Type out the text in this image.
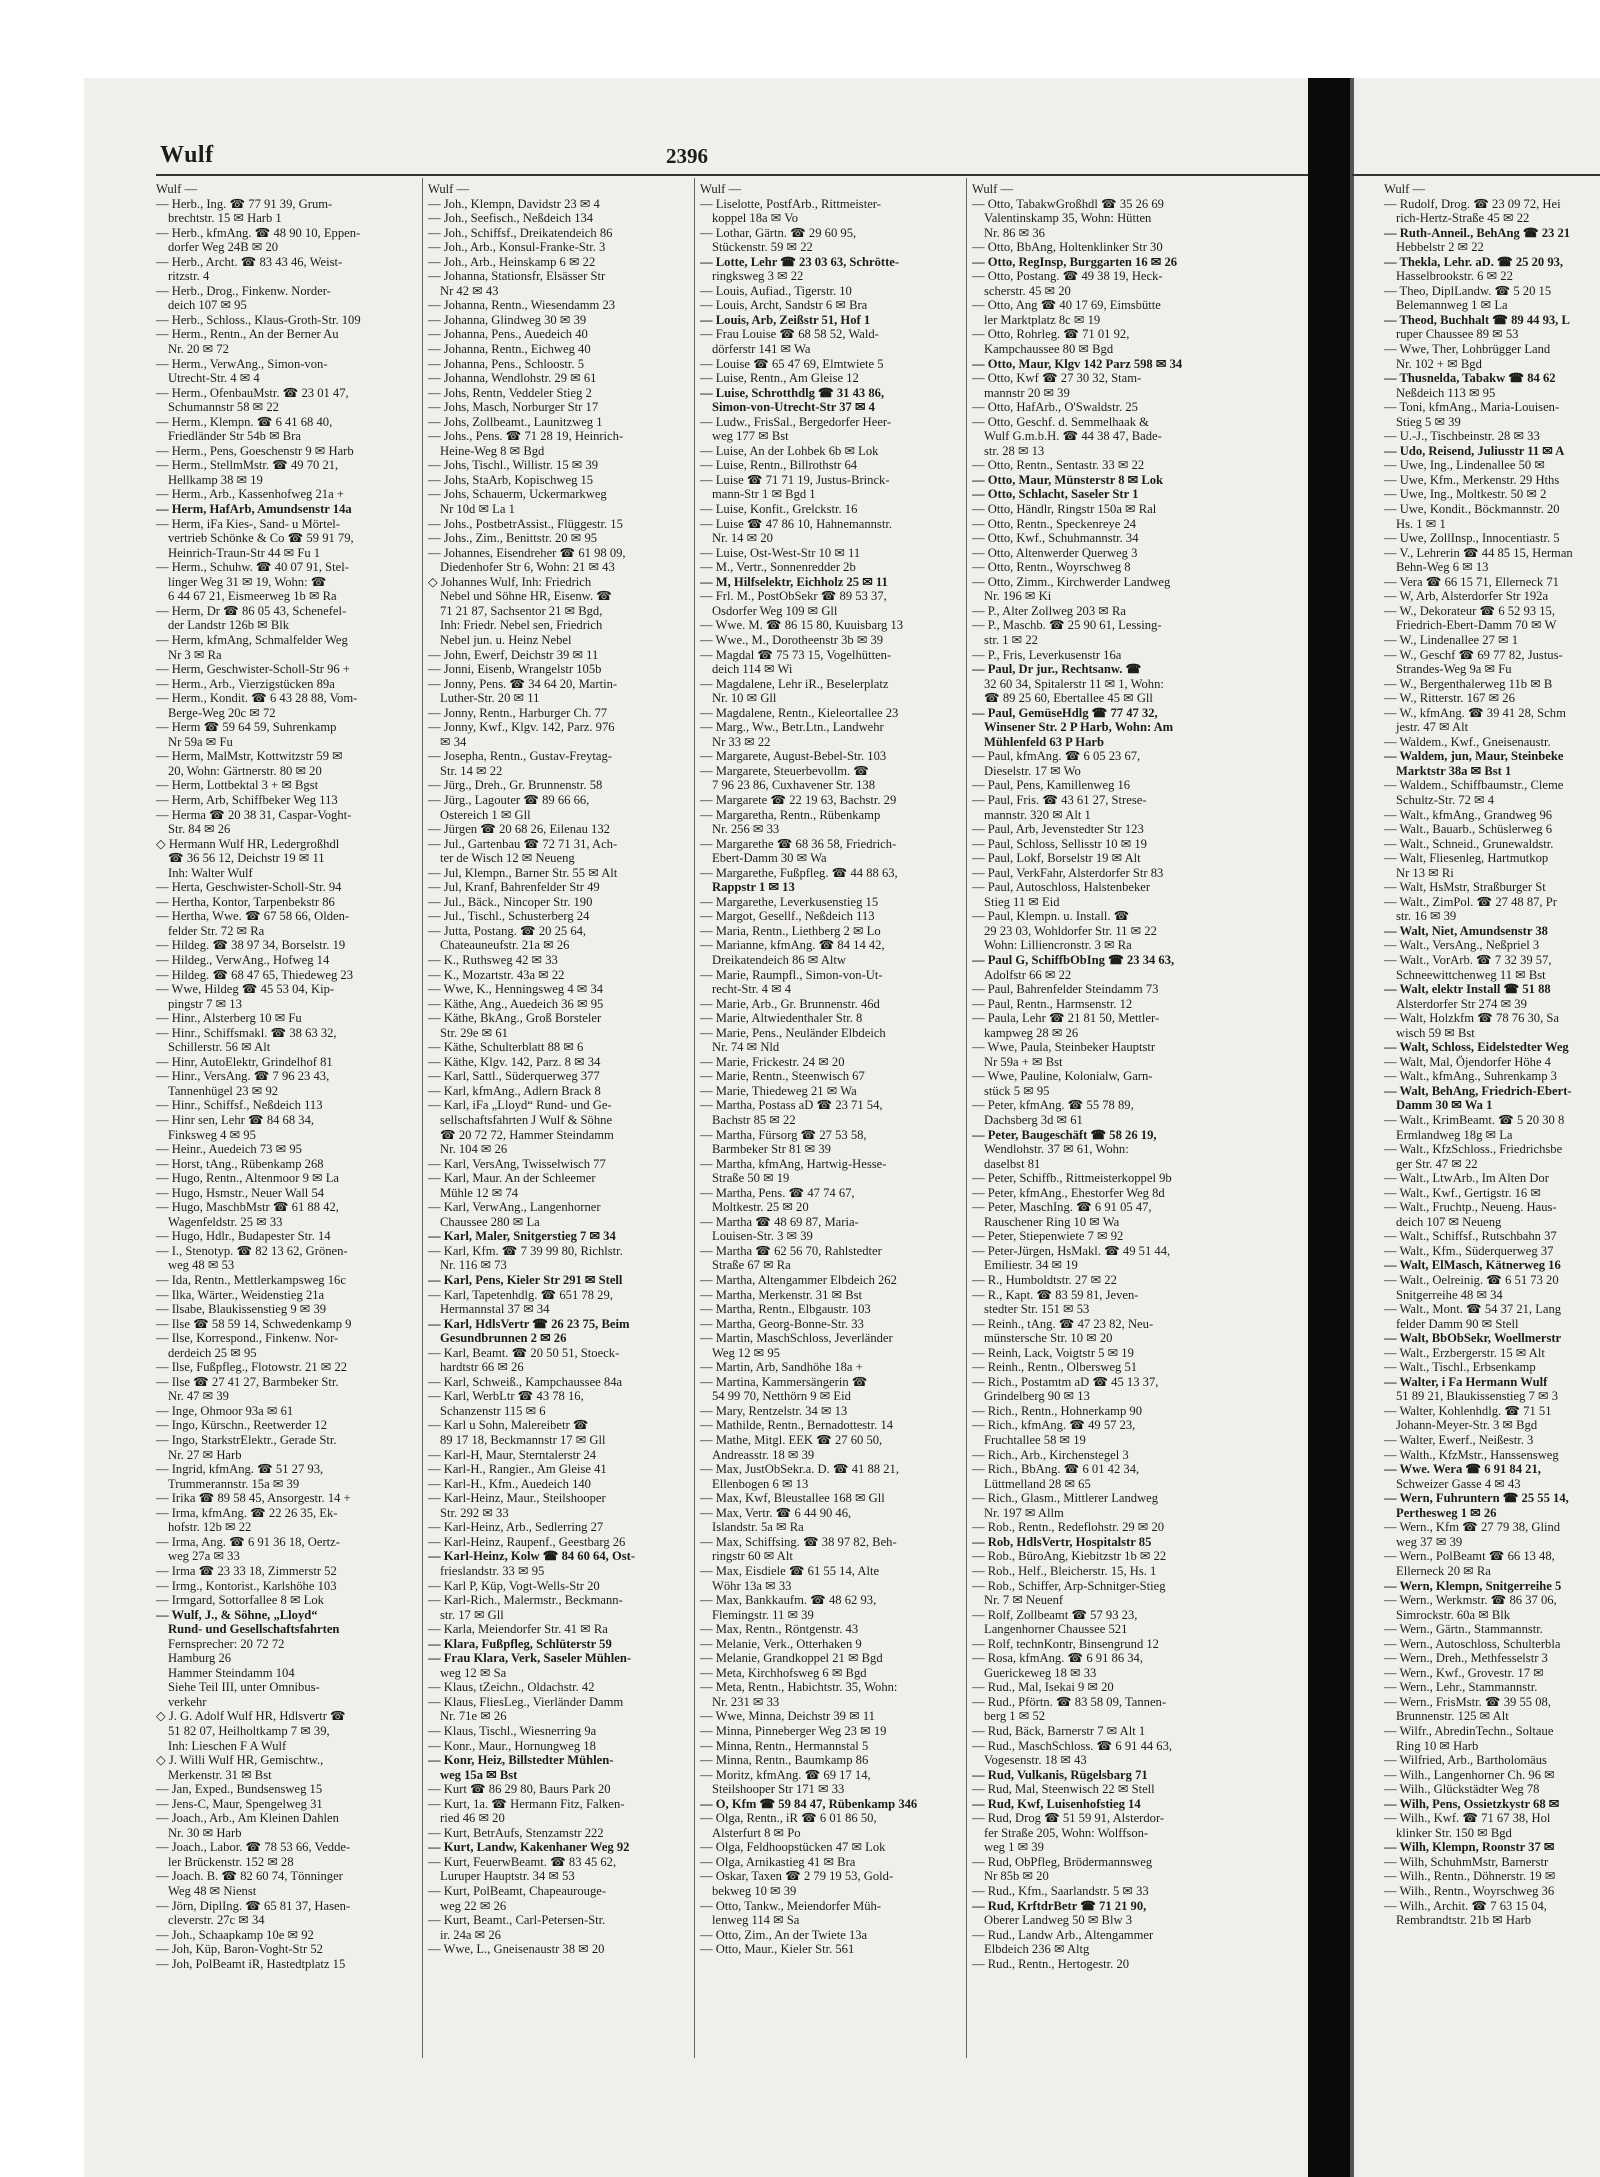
Wulf	2396
Wulf —
— Herb., Ing. ☎ 77 91 39, Grum-
brechtstr. 15 ✉ Harb 1
— Herb., kfmAng. ☎ 48 90 10, Eppen-
dorfer Weg 24B ✉ 20
— Herb., Archt. ☎ 83 43 46, Weist-
ritzstr. 4
— Herb., Drog., Finkenw. Norder-
deich 107 ✉ 95
— Herb., Schloss., Klaus-Groth-Str. 109
— Herm., Rentn., An der Berner Au
Nr. 20 ✉ 72
— Herm., VerwAng., Simon-von-
Utrecht-Str. 4 ✉ 4
— Herm., OfenbauMstr. ☎ 23 01 47,
Schumannstr 58 ✉ 22
— Herm., Klempn. ☎ 6 41 68 40,
Friedländer Str 54b ✉ Bra
— Herm., Pens, Goeschenstr 9 ✉ Harb
— Herm., StellmMstr. ☎ 49 70 21,
Hellkamp 38 ✉ 19
— Herm., Arb., Kassenhofweg 21a +
— Herm, HafArb, Amundsenstr 14a
— Herm, iFa Kies-, Sand- u Mörtel-
vertrieb Schönke & Co ☎ 59 91 79,
Heinrich-Traun-Str 44 ✉ Fu 1
— Herm., Schuhw. ☎ 40 07 91, Stel-
linger Weg 31 ✉ 19, Wohn: ☎
6 44 67 21, Eismeerweg 1b ✉ Ra
— Herm, Dr ☎ 86 05 43, Schenefel-
der Landstr 126b ✉ Blk
— Herm, kfmAng, Schmalfelder Weg
Nr 3 ✉ Ra
— Herm, Geschwister-Scholl-Str 96 +
— Herm., Arb., Vierzigstücken 89a
— Herm., Kondit. ☎ 6 43 28 88, Vom-
Berge-Weg 20c ✉ 72
— Herm ☎ 59 64 59, Suhrenkamp
Nr 59a ✉ Fu
— Herm, MalMstr, Kottwitzstr 59 ✉
20, Wohn: Gärtnerstr. 80 ✉ 20
— Herm, Lottbektal 3 + ✉ Bgst
— Herm, Arb, Schiffbeker Weg 113
— Herma ☎ 20 38 31, Caspar-Voght-
Str. 84 ✉ 26
◇ Hermann Wulf HR, Ledergroßhdl
☎ 36 56 12, Deichstr 19 ✉ 11
Inh: Walter Wulf
— Herta, Geschwister-Scholl-Str. 94
— Hertha, Kontor, Tarpenbekstr 86
— Hertha, Wwe. ☎ 67 58 66, Olden-
felder Str. 72 ✉ Ra
— Hildeg. ☎ 38 97 34, Borselstr. 19
— Hildeg., VerwAng., Hofweg 14
— Hildeg. ☎ 68 47 65, Thiedeweg 23
— Wwe, Hildeg ☎ 45 53 04, Kip-
pingstr 7 ✉ 13
— Hinr., Alsterberg 10 ✉ Fu
— Hinr., Schiffsmakl. ☎ 38 63 32,
Schillerstr. 56 ✉ Alt
— Hinr, AutoElektr, Grindelhof 81
— Hinr., VersAng. ☎ 7 96 23 43,
Tannenhügel 23 ✉ 92
— Hinr., Schiffsf., Neßdeich 113
— Hinr sen, Lehr ☎ 84 68 34,
Finksweg 4 ✉ 95
— Heinr., Auedeich 73 ✉ 95
— Horst, tAng., Rübenkamp 268
— Hugo, Rentn., Altenmoor 9 ✉ La
— Hugo, Hsmstr., Neuer Wall 54
— Hugo, MaschbMstr ☎ 61 88 42,
Wagenfeldstr. 25 ✉ 33
— Hugo, Hdlr., Budapester Str. 14
— I., Stenotyp. ☎ 82 13 62, Grönen-
weg 48 ✉ 53
— Ida, Rentn., Mettlerkampsweg 16c
— Ilka, Wärter., Weidenstieg 21a
— Ilsabe, Blaukissenstieg 9 ✉ 39
— Ilse ☎ 58 59 14, Schwedenkamp 9
— Ilse, Korrespond., Finkenw. Nor-
derdeich 25 ✉ 95
— Ilse, Fußpfleg., Flotowstr. 21 ✉ 22
— Ilse ☎ 27 41 27, Barmbeker Str.
Nr. 47 ✉ 39
— Inge, Ohmoor 93a ✉ 61
— Ingo, Kürschn., Reetwerder 12
— Ingo, StarkstrElektr., Gerade Str.
Nr. 27 ✉ Harb
— Ingrid, kfmAng. ☎ 51 27 93,
Trummerannstr. 15a ✉ 39
— Irika ☎ 89 58 45, Ansorgestr. 14 +
— Irma, kfmAng. ☎ 22 26 35, Ek-
hofstr. 12b ✉ 22
— Irma, Ang. ☎ 6 91 36 18, Oertz-
weg 27a ✉ 33
— Irma ☎ 23 33 18, Zimmerstr 52
— Irmg., Kontorist., Karlshöhe 103
— Irmgard, Sottorfallee 8 ✉ Lok
— Wulf, J., & Söhne, „Lloyd“
Rund- und Gesellschaftsfahrten
Fernsprecher: 20 72 72
Hamburg 26
Hammer Steindamm 104
Siehe Teil III, unter Omnibus-
verkehr
◇ J. G. Adolf Wulf HR, Hdlsvertr ☎
51 82 07, Heilholtkamp 7 ✉ 39,
Inh: Lieschen F A Wulf
◇ J. Willi Wulf HR, Gemischtw.,
Merkenstr. 31 ✉ Bst
— Jan, Exped., Bundsensweg 15
— Jens-C, Maur, Spengelweg 31
— Joach., Arb., Am Kleinen Dahlen
Nr. 30 ✉ Harb
— Joach., Labor. ☎ 78 53 66, Vedde-
ler Brückenstr. 152 ✉ 28
— Joach. B. ☎ 82 60 74, Tönninger
Weg 48 ✉ Nienst
— Jörn, DiplIng. ☎ 65 81 37, Hasen-
cleverstr. 27c ✉ 34
— Joh., Schaapkamp 10e ✉ 92
— Joh, Küp, Baron-Voght-Str 52
— Joh, PolBeamt iR, Hastedtplatz 15
Wulf —
— Joh., Klempn, Davidstr 23 ✉ 4
— Joh., Seefisch., Neßdeich 134
— Joh., Schiffsf., Dreikatendeich 86
— Joh., Arb., Konsul-Franke-Str. 3
— Joh., Arb., Heinskamp 6 ✉ 22
— Johanna, Stationsfr, Elsässer Str
Nr 42 ✉ 43
— Johanna, Rentn., Wiesendamm 23
— Johanna, Glindweg 30 ✉ 39
— Johanna, Pens., Auedeich 40
— Johanna, Rentn., Eichweg 40
— Johanna, Pens., Schloostr. 5
— Johanna, Wendlohstr. 29 ✉ 61
— Johs, Rentn, Veddeler Stieg 2
— Johs, Masch, Norburger Str 17
— Johs, Zollbeamt., Launitzweg 1
— Johs., Pens. ☎ 71 28 19, Heinrich-
Heine-Weg 8 ✉ Bgd
— Johs, Tischl., Willistr. 15 ✉ 39
— Johs, StaArb, Kopischweg 15
— Johs, Schauerm, Uckermarkweg
Nr 10d ✉ La 1
— Johs., PostbetrAssist., Flüggestr. 15
— Johs., Zim., Benittstr. 20 ✉ 95
— Johannes, Eisendreher ☎ 61 98 09,
Diedenhofer Str 6, Wohn: 21 ✉ 43
◇ Johannes Wulf, Inh: Friedrich
Nebel und Söhne HR, Eisenw. ☎
71 21 87, Sachsentor 21 ✉ Bgd,
Inh: Friedr. Nebel sen, Friedrich
Nebel jun. u. Heinz Nebel
— John, Ewerf, Deichstr 39 ✉ 11
— Jonni, Eisenb, Wrangelstr 105b
— Jonny, Pens. ☎ 34 64 20, Martin-
Luther-Str. 20 ✉ 11
— Jonny, Rentn., Harburger Ch. 77
— Jonny, Kwf., Klgv. 142, Parz. 976
✉ 34
— Josepha, Rentn., Gustav-Freytag-
Str. 14 ✉ 22
— Jürg., Dreh., Gr. Brunnenstr. 58
— Jürg., Lagouter ☎ 89 66 66,
Ostereich 1 ✉ Gll
— Jürgen ☎ 20 68 26, Eilenau 132
— Jul., Gartenbau ☎ 72 71 31, Ach-
ter de Wisch 12 ✉ Neueng
— Jul, Klempn., Barner Str. 55 ✉ Alt
— Jul, Kranf, Bahrenfelder Str 49
— Jul., Bäck., Nincoper Str. 190
— Jul., Tischl., Schusterberg 24
— Jutta, Postang. ☎ 20 25 64,
Chateauneufstr. 21a ✉ 26
— K., Ruthsweg 42 ✉ 33
— K., Mozartstr. 43a ✉ 22
— Wwe, K., Henningsweg 4 ✉ 34
— Käthe, Ang., Auedeich 36 ✉ 95
— Käthe, BkAng., Groß Borsteler
Str. 29e ✉ 61
— Käthe, Schulterblatt 88 ✉ 6
— Käthe, Klgv. 142, Parz. 8 ✉ 34
— Karl, Sattl., Süderquerweg 377
— Karl, kfmAng., Adlern Brack 8
— Karl, iFa „Lloyd“ Rund- und Ge-
sellschaftsfahrten J Wulf & Söhne
☎ 20 72 72, Hammer Steindamm
Nr. 104 ✉ 26
— Karl, VersAng, Twisselwisch 77
— Karl, Maur. An der Schleemer
Mühle 12 ✉ 74
— Karl, VerwAng., Langenhorner
Chaussee 280 ✉ La
— Karl, Maler, Snitgerstieg 7 ✉ 34
— Karl, Kfm. ☎ 7 39 99 80, Richlstr.
Nr. 116 ✉ 73
— Karl, Pens, Kieler Str 291 ✉ Stell
— Karl, Tapetenhdlg. ☎ 651 78 29,
Hermannstal 37 ✉ 34
— Karl, HdlsVertr ☎ 26 23 75, Beim
Gesundbrunnen 2 ✉ 26
— Karl, Beamt. ☎ 20 50 51, Stoeck-
hardtstr 66 ✉ 26
— Karl, Schweiß., Kampchaussee 84a
— Karl, WerbLtr ☎ 43 78 16,
Schanzenstr 115 ✉ 6
— Karl u Sohn, Malereibetr ☎
89 17 18, Beckmannstr 17 ✉ Gll
— Karl-H, Maur, Sterntalerstr 24
— Karl-H., Rangier., Am Gleise 41
— Karl-H., Kfm., Auedeich 140
— Karl-Heinz, Maur., Steilshooper
Str. 292 ✉ 33
— Karl-Heinz, Arb., Sedlerring 27
— Karl-Heinz, Raupenf., Geestbarg 26
— Karl-Heinz, Kolw ☎ 84 60 64, Ost-
frieslandstr. 33 ✉ 95
— Karl P, Küp, Vogt-Wells-Str 20
— Karl-Rich., Malermstr., Beckmann-
str. 17 ✉ Gll
— Karla, Meiendorfer Str. 41 ✉ Ra
— Klara, Fußpfleg, Schlüterstr 59
— Frau Klara, Verk, Saseler Mühlen-
weg 12 ✉ Sa
— Klaus, tZeichn., Oldachstr. 42
— Klaus, FliesLeg., Vierländer Damm
Nr. 71e ✉ 26
— Klaus, Tischl., Wiesnerring 9a
— Konr., Maur., Hornungweg 18
— Konr, Heiz, Billstedter Mühlen-
weg 15a ✉ Bst
— Kurt ☎ 86 29 80, Baurs Park 20
— Kurt, 1a. ☎ Hermann Fitz, Falken-
ried 46 ✉ 20
— Kurt, BetrAufs, Stenzamstr 222
— Kurt, Landw, Kakenhaner Weg 92
— Kurt, FeuerwBeamt. ☎ 83 45 62,
Luruper Hauptstr. 34 ✉ 53
— Kurt, PolBeamt, Chapeaurouge-
weg 22 ✉ 26
— Kurt, Beamt., Carl-Petersen-Str.
ir. 24a ✉ 26
— Wwe, L., Gneisenaustr 38 ✉ 20
Wulf —
— Liselotte, PostfArb., Rittmeister-
koppel 18a ✉ Vo
— Lothar, Gärtn. ☎ 29 60 95,
Stückenstr. 59 ✉ 22
— Lotte, Lehr ☎ 23 03 63, Schrötte-
ringksweg 3 ✉ 22
— Louis, Aufiad., Tigerstr. 10
— Louis, Archt, Sandstr 6 ✉ Bra
— Louis, Arb, Zeißstr 51, Hof 1
— Frau Louise ☎ 68 58 52, Wald-
dörferstr 141 ✉ Wa
— Louise ☎ 65 47 69, Elmtwiete 5
— Luise, Rentn., Am Gleise 12
— Luise, Schrotthdlg ☎ 31 43 86,
Simon-von-Utrecht-Str 37 ✉ 4
— Ludw., FrisSal., Bergedorfer Heer-
weg 177 ✉ Bst
— Luise, An der Lohbek 6b ✉ Lok
— Luise, Rentn., Billrothstr 64
— Luise ☎ 71 71 19, Justus-Brinck-
mann-Str 1 ✉ Bgd 1
— Luise, Konfit., Grelckstr. 16
— Luise ☎ 47 86 10, Hahnemannstr.
Nr. 14 ✉ 20
— Luise, Ost-West-Str 10 ✉ 11
— M., Vertr., Sonnenredder 2b
— M, Hilfselektr, Eichholz 25 ✉ 11
— Frl. M., PostObSekr ☎ 89 53 37,
Osdorfer Weg 109 ✉ Gll
— Wwe. M. ☎ 86 15 80, Kuuisbarg 13
— Wwe., M., Dorotheenstr 3b ✉ 39
— Magdal ☎ 75 73 15, Vogelhütten-
deich 114 ✉ Wi
— Magdalene, Lehr iR., Beselerplatz
Nr. 10 ✉ Gll
— Magdalene, Rentn., Kieleortallee 23
— Marg., Ww., Betr.Ltn., Landwehr
Nr 33 ✉ 22
— Margarete, August-Bebel-Str. 103
— Margarete, Steuerbevollm. ☎
7 96 23 86, Cuxhavener Str. 138
— Margarete ☎ 22 19 63, Bachstr. 29
— Margaretha, Rentn., Rübenkamp
Nr. 256 ✉ 33
— Margarethe ☎ 68 36 58, Friedrich-
Ebert-Damm 30 ✉ Wa
— Margarethe, Fußpfleg. ☎ 44 88 63,
Rappstr 1 ✉ 13
— Margarethe, Leverkusenstieg 15
— Margot, Gesellf., Neßdeich 113
— Maria, Rentn., Liethberg 2 ✉ Lo
— Marianne, kfmAng. ☎ 84 14 42,
Dreikatendeich 86 ✉ Altw
— Marie, Raumpfl., Simon-von-Ut-
recht-Str. 4 ✉ 4
— Marie, Arb., Gr. Brunnenstr. 46d
— Marie, Altwiedenthaler Str. 8
— Marie, Pens., Neuländer Elbdeich
Nr. 74 ✉ Nld
— Marie, Frickestr. 24 ✉ 20
— Marie, Rentn., Steenwisch 67
— Marie, Thiedeweg 21 ✉ Wa
— Martha, Postass aD ☎ 23 71 54,
Bachstr 85 ✉ 22
— Martha, Fürsorg ☎ 27 53 58,
Barmbeker Str 81 ✉ 39
— Martha, kfmAng, Hartwig-Hesse-
Straße 50 ✉ 19
— Martha, Pens. ☎ 47 74 67,
Moltkestr. 25 ✉ 20
— Martha ☎ 48 69 87, Maria-
Louisen-Str. 3 ✉ 39
— Martha ☎ 62 56 70, Rahlstedter
Straße 67 ✉ Ra
— Martha, Altengammer Elbdeich 262
— Martha, Merkenstr. 31 ✉ Bst
— Martha, Rentn., Elbgaustr. 103
— Martha, Georg-Bonne-Str. 33
— Martin, MaschSchloss, Jeverländer
Weg 12 ✉ 95
— Martin, Arb, Sandhöhe 18a +
— Martina, Kammersängerin ☎
54 99 70, Netthörn 9 ✉ Eid
— Mary, Rentzelstr. 34 ✉ 13
— Mathilde, Rentn., Bernadottestr. 14
— Mathe, Mitgl. EEK ☎ 27 60 50,
Andreasstr. 18 ✉ 39
— Max, JustObSekr.a. D. ☎ 41 88 21,
Ellenbogen 6 ✉ 13
— Max, Kwf, Bleustallee 168 ✉ Gll
— Max, Vertr. ☎ 6 44 90 46,
Islandstr. 5a ✉ Ra
— Max, Schiffsing. ☎ 38 97 82, Beh-
ringstr 60 ✉ Alt
— Max, Eisdiele ☎ 61 55 14, Alte
Wöhr 13a ✉ 33
— Max, Bankkaufm. ☎ 48 62 93,
Flemingstr. 11 ✉ 39
— Max, Rentn., Röntgenstr. 43
— Melanie, Verk., Otterhaken 9
— Melanie, Grandkoppel 21 ✉ Bgd
— Meta, Kirchhofsweg 6 ✉ Bgd
— Meta, Rentn., Habichtstr. 35, Wohn:
Nr. 231 ✉ 33
— Wwe, Minna, Deichstr 39 ✉ 11
— Minna, Pinneberger Weg 23 ✉ 19
— Minna, Rentn., Hermannstal 5
— Minna, Rentn., Baumkamp 86
— Moritz, kfmAng. ☎ 69 17 14,
Steilshooper Str 171 ✉ 33
— O, Kfm ☎ 59 84 47, Rübenkamp 346
— Olga, Rentn., iR ☎ 6 01 86 50,
Alsterfurt 8 ✉ Po
— Olga, Feldhoopstücken 47 ✉ Lok
— Olga, Arnikastieg 41 ✉ Bra
— Oskar, Taxen ☎ 2 79 19 53, Gold-
bekweg 10 ✉ 39
— Otto, Tankw., Meiendorfer Müh-
lenweg 114 ✉ Sa
— Otto, Zim., An der Twiete 13a
— Otto, Maur., Kieler Str. 561
Wulf —
— Otto, TabakwGroßhdl ☎ 35 26 69
Valentinskamp 35, Wohn: Hütten
Nr. 86 ✉ 36
— Otto, BbAng, Holtenklinker Str 30
— Otto, RegInsp, Burggarten 16 ✉ 26
— Otto, Postang. ☎ 49 38 19, Heck-
scherstr. 45 ✉ 20
— Otto, Ang ☎ 40 17 69, Eimsbütte
ler Marktplatz 8c ✉ 19
— Otto, Rohrleg. ☎ 71 01 92,
Kampchaussee 80 ✉ Bgd
— Otto, Maur, Klgv 142 Parz 598 ✉ 34
— Otto, Kwf ☎ 27 30 32, Stam-
mannstr 20 ✉ 39
— Otto, HafArb., O'Swaldstr. 25
— Otto, Geschf. d. Semmelhaak &
Wulf G.m.b.H. ☎ 44 38 47, Bade-
str. 28 ✉ 13
— Otto, Rentn., Sentastr. 33 ✉ 22
— Otto, Maur, Münsterstr 8 ✉ Lok
— Otto, Schlacht, Saseler Str 1
— Otto, Händlr, Ringstr 150a ✉ Ral
— Otto, Rentn., Speckenreye 24
— Otto, Kwf., Schuhmannstr. 34
— Otto, Altenwerder Querweg 3
— Otto, Rentn., Woyrschweg 8
— Otto, Zimm., Kirchwerder Landweg
Nr. 196 ✉ Ki
— P., Alter Zollweg 203 ✉ Ra
— P., Maschb. ☎ 25 90 61, Lessing-
str. 1 ✉ 22
— P., Fris, Leverkusenstr 16a
— Paul, Dr jur., Rechtsanw. ☎
32 60 34, Spitalerstr 11 ✉ 1, Wohn:
☎ 89 25 60, Ebertallee 45 ✉ Gll
— Paul, GemüseHdlg ☎ 77 47 32,
Winsener Str. 2 P Harb, Wohn: Am
Mühlenfeld 63 P Harb
— Paul, kfmAng. ☎ 6 05 23 67,
Dieselstr. 17 ✉ Wo
— Paul, Pens, Kamillenweg 16
— Paul, Fris. ☎ 43 61 27, Strese-
mannstr. 320 ✉ Alt 1
— Paul, Arb, Jevenstedter Str 123
— Paul, Schloss, Sellisstr 10 ✉ 19
— Paul, Lokf, Borselstr 19 ✉ Alt
— Paul, VerkFahr, Alsterdorfer Str 83
— Paul, Autoschloss, Halstenbeker
Stieg 11 ✉ Eid
— Paul, Klempn. u. Install. ☎
29 23 03, Wohldorfer Str. 11 ✉ 22
Wohn: Lilliencronstr. 3 ✉ Ra
— Paul G, SchiffbObIng ☎ 23 34 63,
Adolfstr 66 ✉ 22
— Paul, Bahrenfelder Steindamm 73
— Paul, Rentn., Harmsenstr. 12
— Paula, Lehr ☎ 21 81 50, Mettler-
kampweg 28 ✉ 26
— Wwe, Paula, Steinbeker Hauptstr
Nr 59a + ✉ Bst
— Wwe, Pauline, Kolonialw, Garn-
stück 5 ✉ 95
— Peter, kfmAng. ☎ 55 78 89,
Dachsberg 3d ✉ 61
— Peter, Baugeschäft ☎ 58 26 19,
Wendlohstr. 37 ✉ 61, Wohn:
daselbst 81
— Peter, Schiffb., Rittmeisterkoppel 9b
— Peter, kfmAng., Ehestorfer Weg 8d
— Peter, MaschIng. ☎ 6 91 05 47,
Rauschener Ring 10 ✉ Wa
— Peter, Stiepenwiete 7 ✉ 92
— Peter-Jürgen, HsMakl. ☎ 49 51 44,
Emiliestr. 34 ✉ 19
— R., Humboldtstr. 27 ✉ 22
— R., Kapt. ☎ 83 59 81, Jeven-
stedter Str. 151 ✉ 53
— Reinh., tAng. ☎ 47 23 82, Neu-
münstersche Str. 10 ✉ 20
— Reinh, Lack, Voigtstr 5 ✉ 19
— Reinh., Rentn., Olbersweg 51
— Rich., Postamtm aD ☎ 45 13 37,
Grindelberg 90 ✉ 13
— Rich., Rentn., Hohnerkamp 90
— Rich., kfmAng. ☎ 49 57 23,
Fruchtallee 58 ✉ 19
— Rich., Arb., Kirchenstegel 3
— Rich., BbAng. ☎ 6 01 42 34,
Lüttmelland 28 ✉ 65
— Rich., Glasm., Mittlerer Landweg
Nr. 197 ✉ Allm
— Rob., Rentn., Redeflohstr. 29 ✉ 20
— Rob, HdlsVertr, Hospitalstr 85
— Rob., BüroAng, Kiebitzstr 1b ✉ 22
— Rob., Helf., Bleicherstr. 15, Hs. 1
— Rob., Schiffer, Arp-Schnitger-Stieg
Nr. 7 ✉ Neuenf
— Rolf, Zollbeamt ☎ 57 93 23,
Langenhorner Chaussee 521
— Rolf, technKontr, Binsengrund 12
— Rosa, kfmAng. ☎ 6 91 86 34,
Guerickeweg 18 ✉ 33
— Rud., Mal, Isekai 9 ✉ 20
— Rud., Pförtn. ☎ 83 58 09, Tannen-
berg 1 ✉ 52
— Rud, Bäck, Barnerstr 7 ✉ Alt 1
— Rud., MaschSchloss. ☎ 6 91 44 63,
Vogesenstr. 18 ✉ 43
— Rud, Vulkanis, Rügelsbarg 71
— Rud, Mal, Steenwisch 22 ✉ Stell
— Rud, Kwf, Luisenhofstieg 14
— Rud, Drog ☎ 51 59 91, Alsterdor-
fer Straße 205, Wohn: Wolffson-
weg 1 ✉ 39
— Rud, ObPfleg, Brödermannsweg
Nr 85b ✉ 20
— Rud., Kfm., Saarlandstr. 5 ✉ 33
— Rud, KrftdrBetr ☎ 71 21 90,
Oberer Landweg 50 ✉ Blw 3
— Rud., Landw Arb., Altengammer
Elbdeich 236 ✉ Altg
— Rud., Rentn., Hertogestr. 20
Wulf —
— Rudolf, Drog. ☎ 23 09 72, Hei
rich-Hertz-Straße 45 ✉ 22
— Ruth-Anneil., BehAng ☎ 23 21
Hebbelstr 2 ✉ 22
— Thekla, Lehr. aD. ☎ 25 20 93,
Hasselbrookstr. 6 ✉ 22
— Theo, DiplLandw. ☎ 5 20 15
Belemannweg 1 ✉ La
— Theod, Buchhalt ☎ 89 44 93, L
ruper Chaussee 89 ✉ 53
— Wwe, Ther, Lohbrügger Land
Nr. 102 + ✉ Bgd
— Thusnelda, Tabakw ☎ 84 62
Neßdeich 113 ✉ 95
— Toni, kfmAng., Maria-Louisen-
Stieg 5 ✉ 39
— U.-J., Tischbeinstr. 28 ✉ 33
— Udo, Reisend, Juliusstr 11 ✉ A
— Uwe, Ing., Lindenallee 50 ✉
— Uwe, Kfm., Merkenstr. 29 Hths
— Uwe, Ing., Moltkestr. 50 ✉ 2
— Uwe, Kondit., Böckmannstr. 20
Hs. 1 ✉ 1
— Uwe, ZollInsp., Innocentiastr. 5
— V., Lehrerin ☎ 44 85 15, Herman
Behn-Weg 6 ✉ 13
— Vera ☎ 66 15 71, Ellerneck 71
— W, Arb, Alsterdorfer Str 192a
— W., Dekorateur ☎ 6 52 93 15,
Friedrich-Ebert-Damm 70 ✉ W
— W., Lindenallee 27 ✉ 1
— W., Geschf ☎ 69 77 82, Justus-
Strandes-Weg 9a ✉ Fu
— W., Bergenthalerweg 11b ✉ B
— W., Ritterstr. 167 ✉ 26
— W., kfmAng. ☎ 39 41 28, Schm
jestr. 47 ✉ Alt
— Waldem., Kwf., Gneisenaustr.
— Waldem, jun, Maur, Steinbeke
Marktstr 38a ✉ Bst 1
— Waldem., Schiffbaumstr., Cleme
Schultz-Str. 72 ✉ 4
— Walt., kfmAng., Grandweg 96
— Walt., Bauarb., Schüslerweg 6
— Walt., Schneid., Grunewaldstr.
— Walt, Fliesenleg, Hartmutkop
Nr 13 ✉ Ri
— Walt, HsMstr, Straßburger St
— Walt., ZimPol. ☎ 27 48 87, Pr
str. 16 ✉ 39
— Walt, Niet, Amundsenstr 38
— Walt., VersAng., Neßpriel 3
— Walt., VorArb. ☎ 7 32 39 57,
Schneewittchenweg 11 ✉ Bst
— Walt, elektr Install ☎ 51 88
Alsterdorfer Str 274 ✉ 39
— Walt, Holzkfm ☎ 78 76 30, Sa
wisch 59 ✉ Bst
— Walt, Schloss, Eidelstedter Weg
— Walt, Mal, Öjendorfer Höhe 4
— Walt., kfmAng., Suhrenkamp 3
— Walt, BehAng, Friedrich-Ebert-
Damm 30 ✉ Wa 1
— Walt., KrimBeamt. ☎ 5 20 30 8
Ermlandweg 18g ✉ La
— Walt., KfzSchloss., Friedrichsbe
ger Str. 47 ✉ 22
— Walt., LtwArb., Im Alten Dor
— Walt., Kwf., Gertigstr. 16 ✉
— Walt., Fruchtp., Neueng. Haus-
deich 107 ✉ Neueng
— Walt., Schiffsf., Rutschbahn 37
— Walt., Kfm., Süderquerweg 37
— Walt, ElMasch, Kätnerweg 16
— Walt., Oelreinig. ☎ 6 51 73 20
Snitgerreihe 48 ✉ 34
— Walt., Mont. ☎ 54 37 21, Lang
felder Damm 90 ✉ Stell
— Walt, BbObSekr, Woellmerstr
— Walt., Erzbergerstr. 15 ✉ Alt
— Walt., Tischl., Erbsenkamp
— Walter, i Fa Hermann Wulf
51 89 21, Blaukissenstieg 7 ✉ 3
— Walter, Kohlenhdlg. ☎ 71 51
Johann-Meyer-Str. 3 ✉ Bgd
— Walter, Ewerf., Neißestr. 3
— Walth., KfzMstr., Hanssensweg
— Wwe. Wera ☎ 6 91 84 21,
Schweizer Gasse 4 ✉ 43
— Wern, Fuhruntern ☎ 25 55 14,
Perthesweg 1 ✉ 26
— Wern., Kfm ☎ 27 79 38, Glind
weg 37 ✉ 39
— Wern., PolBeamt ☎ 66 13 48,
Ellerneck 20 ✉ Ra
— Wern, Klempn, Snitgerreihe 5
— Wern., Werkmstr. ☎ 86 37 06,
Simrockstr. 60a ✉ Blk
— Wern., Gärtn., Stammannstr.
— Wern., Autoschloss, Schulterbla
— Wern., Dreh., Methfesselstr 3
— Wern., Kwf., Grovestr. 17 ✉
— Wern., Lehr., Stammannstr.
— Wern., FrisMstr. ☎ 39 55 08,
Brunnenstr. 125 ✉ Alt
— Wilfr., AbredinTechn., Soltaue
Ring 10 ✉ Harb
— Wilfried, Arb., Bartholomäus
— Wilh., Langenhorner Ch. 96 ✉
— Wilh., Glückstädter Weg 78
— Wilh, Pens, Ossietzkystr 68 ✉
— Wilh., Kwf. ☎ 71 67 38, Hol
klinker Str. 150 ✉ Bgd
— Wilh, Klempn, Roonstr 37 ✉
— Wilh, SchuhmMstr, Barnerstr
— Wilh., Rentn., Döhnerstr. 19 ✉
— Wilh., Rentn., Woyrschweg 36
— Wilh., Archit. ☎ 7 63 15 04,
Rembrandtstr. 21b ✉ Harb
